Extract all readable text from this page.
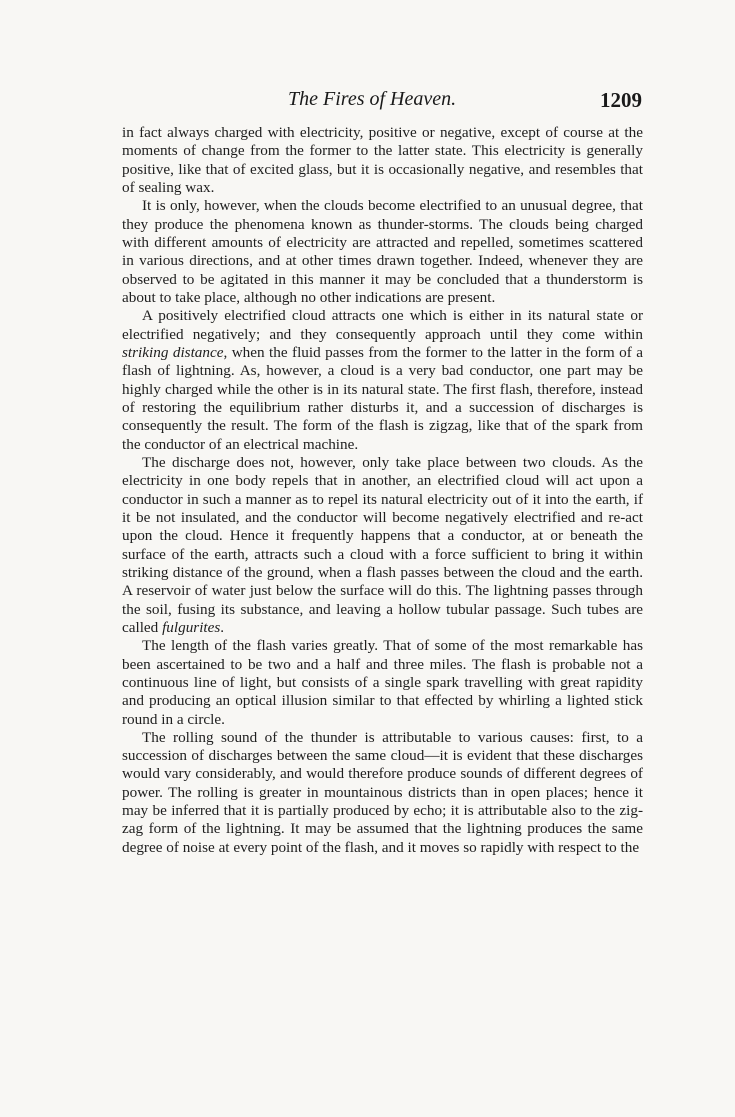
The Fires of Heaven.	1209

in fact always charged with electricity, positive or negative, except of course at the moments of change from the former to the latter state. This electricity is generally positive, like that of excited glass, but it is occasionally negative, and resembles that of sealing wax.

It is only, however, when the clouds become electrified to an unusual degree, that they produce the phenomena known as thunder-storms. The clouds being charged with different amounts of electricity are attracted and repelled, sometimes scattered in various directions, and at other times drawn together. Indeed, whenever they are observed to be agitated in this manner it may be concluded that a thunderstorm is about to take place, although no other indications are present.

A positively electrified cloud attracts one which is either in its natural state or electrified negatively; and they consequently approach until they come within striking distance, when the fluid passes from the former to the latter in the form of a flash of lightning. As, however, a cloud is a very bad conductor, one part may be highly charged while the other is in its natural state. The first flash, therefore, instead of restoring the equilibrium rather disturbs it, and a succession of discharges is consequently the result. The form of the flash is zigzag, like that of the spark from the conductor of an electrical machine.

The discharge does not, however, only take place between two clouds. As the electricity in one body repels that in another, an electrified cloud will act upon a conductor in such a manner as to repel its natural electricity out of it into the earth, if it be not insulated, and the conductor will become negatively electrified and re-act upon the cloud. Hence it frequently happens that a conductor, at or beneath the surface of the earth, attracts such a cloud with a force sufficient to bring it within striking distance of the ground, when a flash passes between the cloud and the earth. A reservoir of water just below the surface will do this. The lightning passes through the soil, fusing its substance, and leaving a hollow tubular passage. Such tubes are called fulgurites.

The length of the flash varies greatly. That of some of the most remarkable has been ascertained to be two and a half and three miles. The flash is probable not a continuous line of light, but consists of a single spark travelling with great rapidity and producing an optical illusion similar to that effected by whirling a lighted stick round in a circle.

The rolling sound of the thunder is attributable to various causes: first, to a succession of discharges between the same cloud—it is evident that these discharges would vary considerably, and would therefore produce sounds of different degrees of power. The rolling is greater in mountainous districts than in open places; hence it may be inferred that it is partially produced by echo; it is attributable also to the zig-zag form of the lightning. It may be assumed that the lightning produces the same degree of noise at every point of the flash, and it moves so rapidly with respect to the
